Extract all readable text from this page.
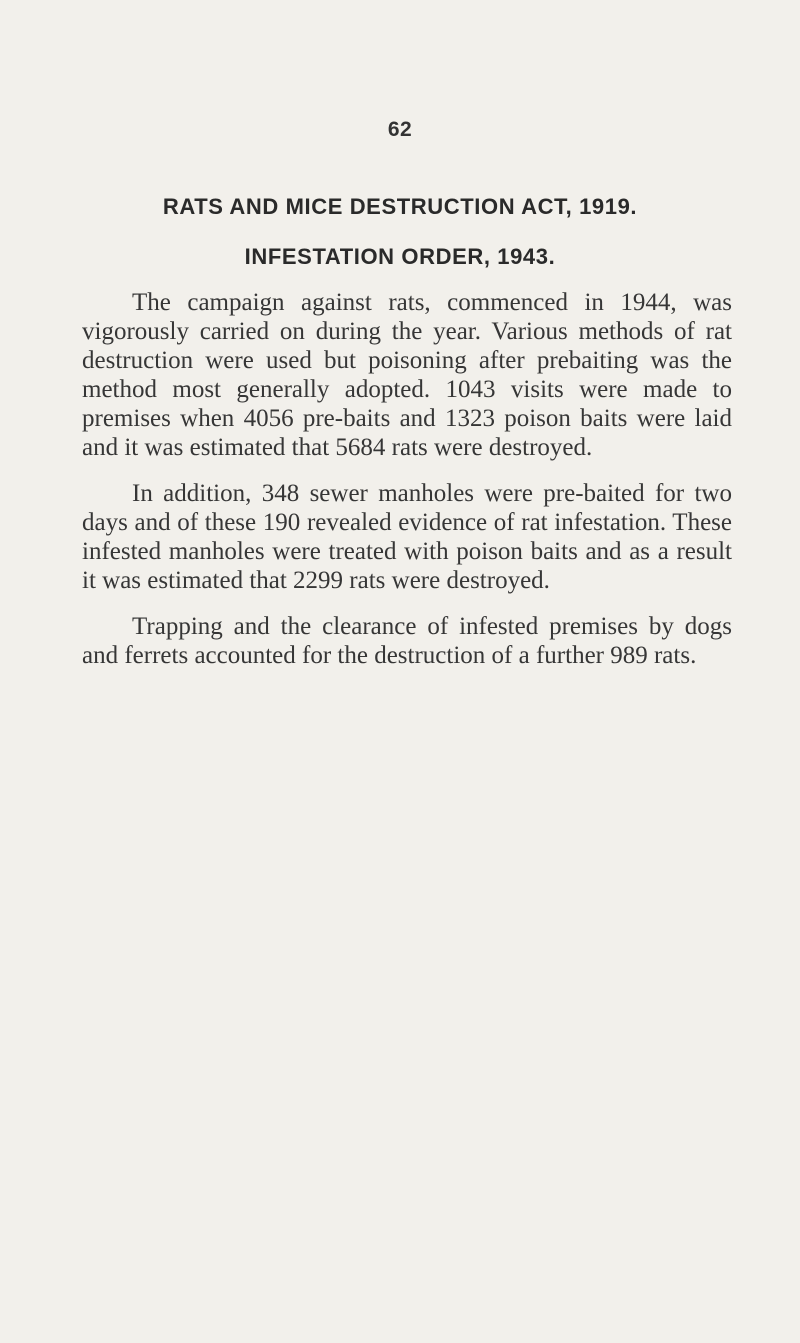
62
RATS AND MICE DESTRUCTION ACT, 1919.
INFESTATION ORDER, 1943.

The campaign against rats, commenced in 1944, was vigorously carried on during the year. Various methods of rat destruction were used but poisoning after prebaiting was the method most generally adopted. 1043 visits were made to premises when 4056 pre-baits and 1323 poison baits were laid and it was estimated that 5684 rats were destroyed.

In addition, 348 sewer manholes were pre-baited for two days and of these 190 revealed evidence of rat infestation. These infested manholes were treated with poison baits and as a result it was estimated that 2299 rats were destroyed.

Trapping and the clearance of infested premises by dogs and ferrets accounted for the destruction of a further 989 rats.
